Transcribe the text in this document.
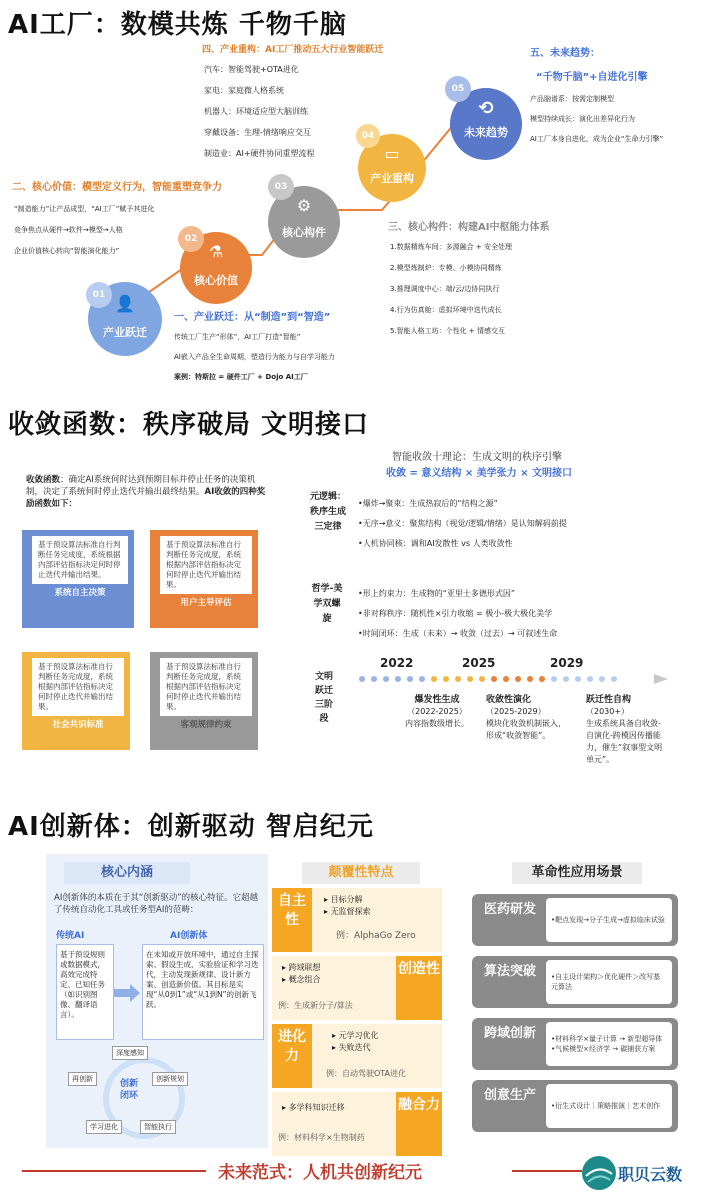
AI工厂：数模共炼 千物千脑
⟲
未来趋势
05
▭
产业重构
04
⚙
核心构件
03
⚗
核心价值
02
👤
产业跃迁
01
四、产业重构：AI工厂推动五大行业智能跃迁
汽车：智能驾驶+OTA进化
家电：家庭微人格系统
机器人：环境适应型大脑训练
穿戴设备：生理-情绪响应交互
制造业：AI+硬件协同重塑流程
五、未来趋势：
“千物千脑”+自进化引擎
产品脑谱系：按需定制模型
模型持续成长：演化出差异化行为
AI工厂本身自进化，成为企业“生命力引擎”
二、核心价值：模型定义行为，智能重塑竞争力
“制造能力”让产品成型，“AI工厂”赋予其进化
竞争焦点从硬件→软件→模型→人格
企业价值核心转向“智能演化能力”
三、核心构件：构建AI中枢能力体系
1.数据精炼车间：多源融合 + 安全处理
2.模型炼制炉：专模、小模协同精炼
3.推理调度中心：端/云/边协同执行
4.行为仿真舱：虚拟环境中迭代成长
5.智能人格工坊：个性化 + 情感交互
一、产业跃迁：从“制造”到“智造”
传统工厂生产“形体”，AI工厂打造“智能”
AI嵌入产品全生命周期，塑造行为能力与自学习能力
案例：特斯拉 = 硬件工厂 + Dojo AI工厂
收敛函数：秩序破局 文明接口
收敛函数：确定AI系统何时达到预期目标并停止任务的决策机制，决定了系统何时停止迭代并输出最终结果。AI收敛的四种奖励函数如下：
基于预设算法标准自行判断任务完成度，系统根据内部评估指标决定何时停止迭代并输出结果。
系统自主决策
基于预设算法标准自行判断任务完成度，系统根据内部评估指标决定何时停止迭代并输出结果。
用户主导评估
基于预设算法标准自行判断任务完成度，系统根据内部评估指标决定何时停止迭代并输出结果。
社会共识标准
基于预设算法标准自行判断任务完成度，系统根据内部评估指标决定何时停止迭代并输出结果。
客观规律约束
智能收敛十理论：生成文明的秩序引擎
收敛 = 意义结构 × 美学张力 × 文明接口
元逻辑：秩序生成三定律
•爆炸→聚束：生成热寂后的“结构之源”
•无序→意义：聚焦结构（视觉/逻辑/情绪）是认知解码前提
•人机协同核：调和AI发散性 vs 人类收敛性
哲学-美学双螺旋
•形上约束力：生成物的“亚里士多德形式因”
•非对称秩序：随机性×引力收缩 = 极小-极大极化美学
•时间闭环：生成（未来）→ 收敛（过去）→ 可叙述生命
文明跃迁三阶段
2022	2025	2029
爆发性生成
（2022-2025）
内容指数级增长。
收敛性演化
（2025-2029）
模块化收敛机制嵌入，形成“收敛智能”。
跃迁性自构
（2030+）
生成系统具备自收敛-自演化-跨模因传播能力，催生“叙事型文明单元”。
AI创新体：创新驱动 智启纪元
核心内涵
AI创新体的本质在于其“创新驱动”的核心特征。它超越了传统自动化工具或任务型AI的范畴：
传统AI
基于预设规则或数据模式，高效完成特定、已知任务（如识别图像、翻译语言）。
AI创新体
在未知或开放环境中，通过自主探索、假设生成、实验验证和学习迭代，主动发现新规律、设计新方案、创造新价值。其目标是实现“从0到1”或“从1到N”的创新飞跃。
创新闭环
深度感知
创新规划
智能执行
学习进化
再创新
颠覆性特点
自主性
▸ 目标分解
▸ 无监督探索
例：AlphaGo Zero
▸ 跨域联想
▸ 概念组合
例：生成新分子/算法
创造性
进化力
▸ 元学习优化
▸ 失败迭代
例：自动驾驶OTA进化
▸ 多学科知识迁移
例：材料科学×生物制药
融合力
革命性应用场景
医药研发
•靶点发现→分子生成→虚拟临床试验
算法突破	•自主设计架构＞优化硬件＞改写基元算法
跨域创新	•材料科学×量子计算 → 新型超导体
•气候模型×经济学 → 碳捕获方案
创意生产
•衍生式设计｜策略推演｜艺术创作
未来范式：人机共创新纪元	职贝云数
